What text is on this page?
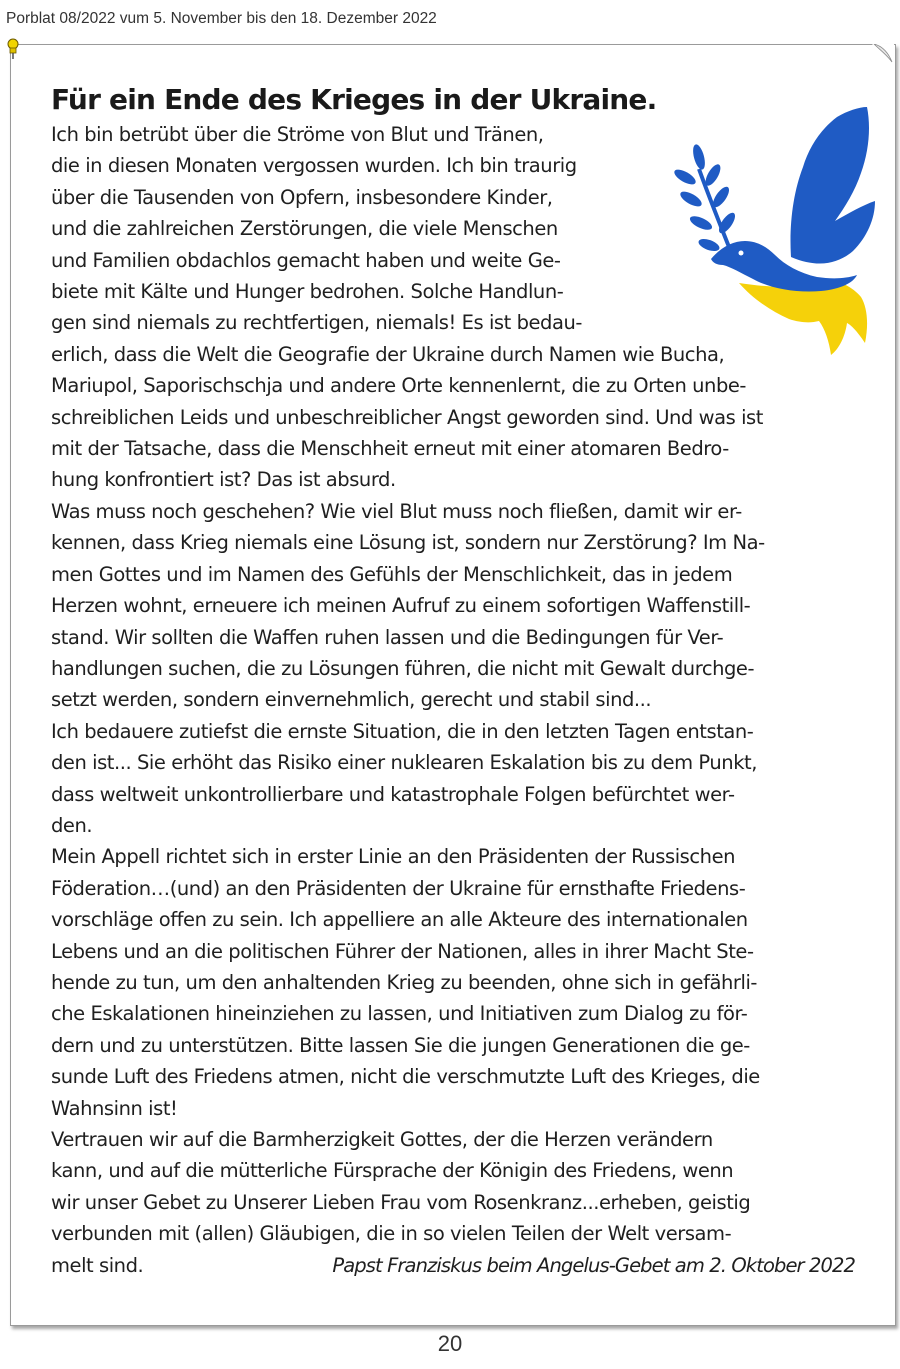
Porblat 08/2022 vum 5. November bis den 18. Dezember 2022
Für ein Ende des Krieges in der Ukraine.

Ich bin betrübt über die Ströme von Blut und Tränen,
die in diesen Monaten vergossen wurden. Ich bin traurig
über die Tausenden von Opfern, insbesondere Kinder,
und die zahlreichen Zerstörungen, die viele Menschen
und Familien obdachlos gemacht haben und weite Ge-
biete mit Kälte und Hunger bedrohen. Solche Handlun-
gen sind niemals zu rechtfertigen, niemals! Es ist bedau-
erlich, dass die Welt die Geografie der Ukraine durch Namen wie Bucha,
Mariupol, Saporischschja und andere Orte kennenlernt, die zu Orten unbe-
schreiblichen Leids und unbeschreiblicher Angst geworden sind. Und was ist
mit der Tatsache, dass die Menschheit erneut mit einer atomaren Bedro-
hung konfrontiert ist? Das ist absurd.

Was muss noch geschehen? Wie viel Blut muss noch fließen, damit wir er-
kennen, dass Krieg niemals eine Lösung ist, sondern nur Zerstörung? Im Na-
men Gottes und im Namen des Gefühls der Menschlichkeit, das in jedem
Herzen wohnt, erneuere ich meinen Aufruf zu einem sofortigen Waffenstill-
stand. Wir sollten die Waffen ruhen lassen und die Bedingungen für Ver-
handlungen suchen, die zu Lösungen führen, die nicht mit Gewalt durchge-
setzt werden, sondern einvernehmlich, gerecht und stabil sind...

Ich bedauere zutiefst die ernste Situation, die in den letzten Tagen entstan-
den ist... Sie erhöht das Risiko einer nuklearen Eskalation bis zu dem Punkt,
dass weltweit unkontrollierbare und katastrophale Folgen befürchtet wer-
den.

Mein Appell richtet sich in erster Linie an den Präsidenten der Russischen
Föderation…(und) an den Präsidenten der Ukraine für ernsthafte Friedens-
vorschläge offen zu sein. Ich appelliere an alle Akteure des internationalen
Lebens und an die politischen Führer der Nationen, alles in ihrer Macht Ste-
hende zu tun, um den anhaltenden Krieg zu beenden, ohne sich in gefährli-
che Eskalationen hineinziehen zu lassen, und Initiativen zum Dialog zu för-
dern und zu unterstützen. Bitte lassen Sie die jungen Generationen die ge-
sunde Luft des Friedens atmen, nicht die verschmutzte Luft des Krieges, die
Wahnsinn ist!

Vertrauen wir auf die Barmherzigkeit Gottes, der die Herzen verändern
kann, und auf die mütterliche Fürsprache der Königin des Friedens, wenn
wir unser Gebet zu Unserer Lieben Frau vom Rosenkranz...erheben, geistig
verbunden mit (allen) Gläubigen, die in so vielen Teilen der Welt versam-
melt sind.	Papst Franziskus beim Angelus-Gebet am 2. Oktober 2022

20
